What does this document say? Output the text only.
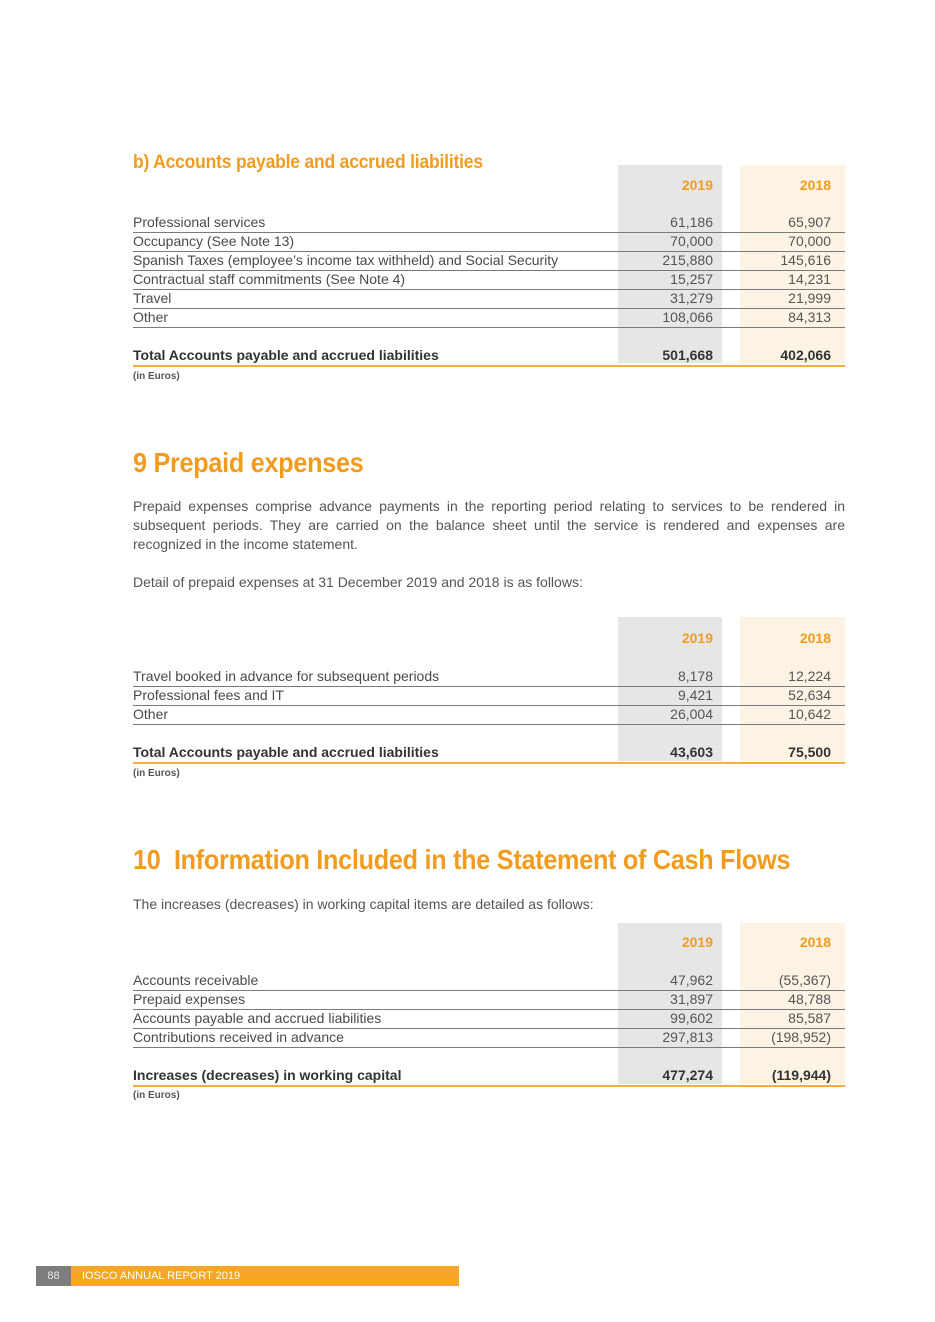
b) Accounts payable and accrued liabilities
2019	2018
Professional services	61,186	65,907
Occupancy (See Note 13)	70,000	70,000
Spanish Taxes (employee’s income tax withheld) and Social Security	215,880	145,616
Contractual staff commitments (See Note 4)	15,257	14,231
Travel	31,279	21,999
Other	108,066	84,313
Total Accounts payable and accrued liabilities	501,668	402,066
(in Euros)
9 Prepaid expenses
Prepaid expenses comprise advance payments in the reporting period relating to services to be rendered in subsequent periods. They are carried on the balance sheet until the service is rendered and expenses are recognized in the income statement.
Detail of prepaid expenses at 31 December 2019 and 2018 is as follows:
2019	2018
Travel booked in advance for subsequent periods	8,178	12,224
Professional fees and IT	9,421	52,634
Other	26,004	10,642
Total Accounts payable and accrued liabilities	43,603	75,500
(in Euros)
10  Information Included in the Statement of Cash Flows
The increases (decreases) in working capital items are detailed as follows:
2019	2018
Accounts receivable	47,962	(55,367)
Prepaid expenses	31,897	48,788
Accounts payable and accrued liabilities	99,602	85,587
Contributions received in advance	297,813	(198,952)
Increases (decreases) in working capital	477,274	(119,944)
(in Euros)
88	IOSCO ANNUAL REPORT 2019
